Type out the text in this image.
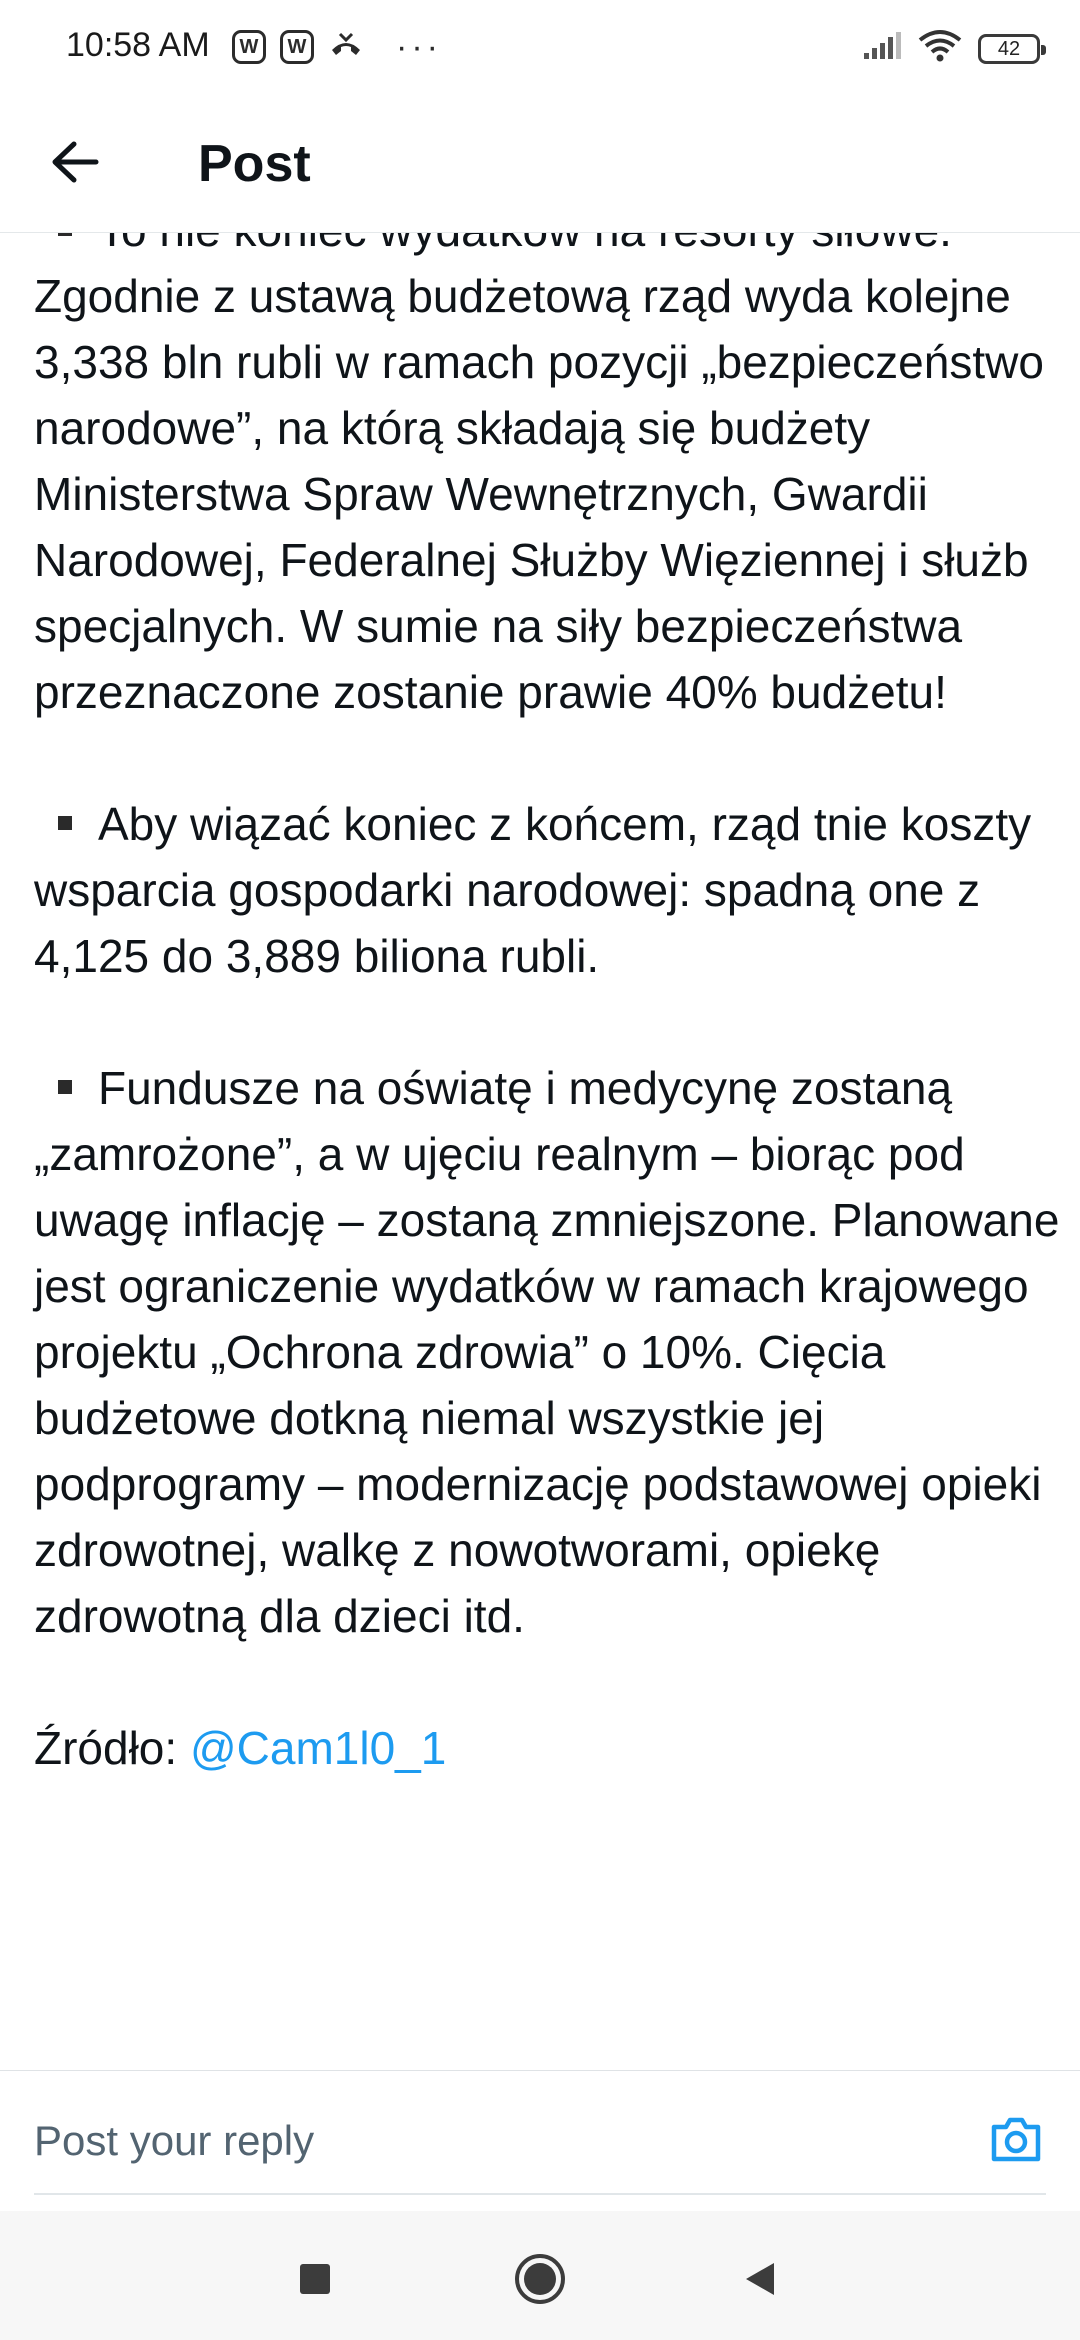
10:58 AM	W	W	···	42
Post
Zgodnie z ustawą budżetową rząd wyda kolejne 3,338 bln rubli w ramach pozycji „bezpieczeństwo narodowe”, na którą składają się budżety Ministerstwa Spraw Wewnętrznych, Gwardii Narodowej, Federalnej Służby Więziennej i służb specjalnych. W sumie na siły bezpieczeństwa przeznaczone zostanie prawie 40% budżetu!
Aby wiązać koniec z końcem, rząd tnie koszty wsparcia gospodarki narodowej: spadną one z 4,125 do 3,889 biliona rubli.
Fundusze na oświatę i medycynę zostaną „zamrożone”, a w ujęciu realnym – biorąc pod uwagę inflację – zostaną zmniejszone. Planowane jest ograniczenie wydatków w ramach krajowego projektu „Ochrona zdrowia” o 10%. Cięcia budżetowe dotkną niemal wszystkie jej podprogramy – modernizację podstawowej opieki zdrowotnej, walkę z nowotworami, opiekę zdrowotną dla dzieci itd.
Źródło: @Cam1l0_1
Post your reply
